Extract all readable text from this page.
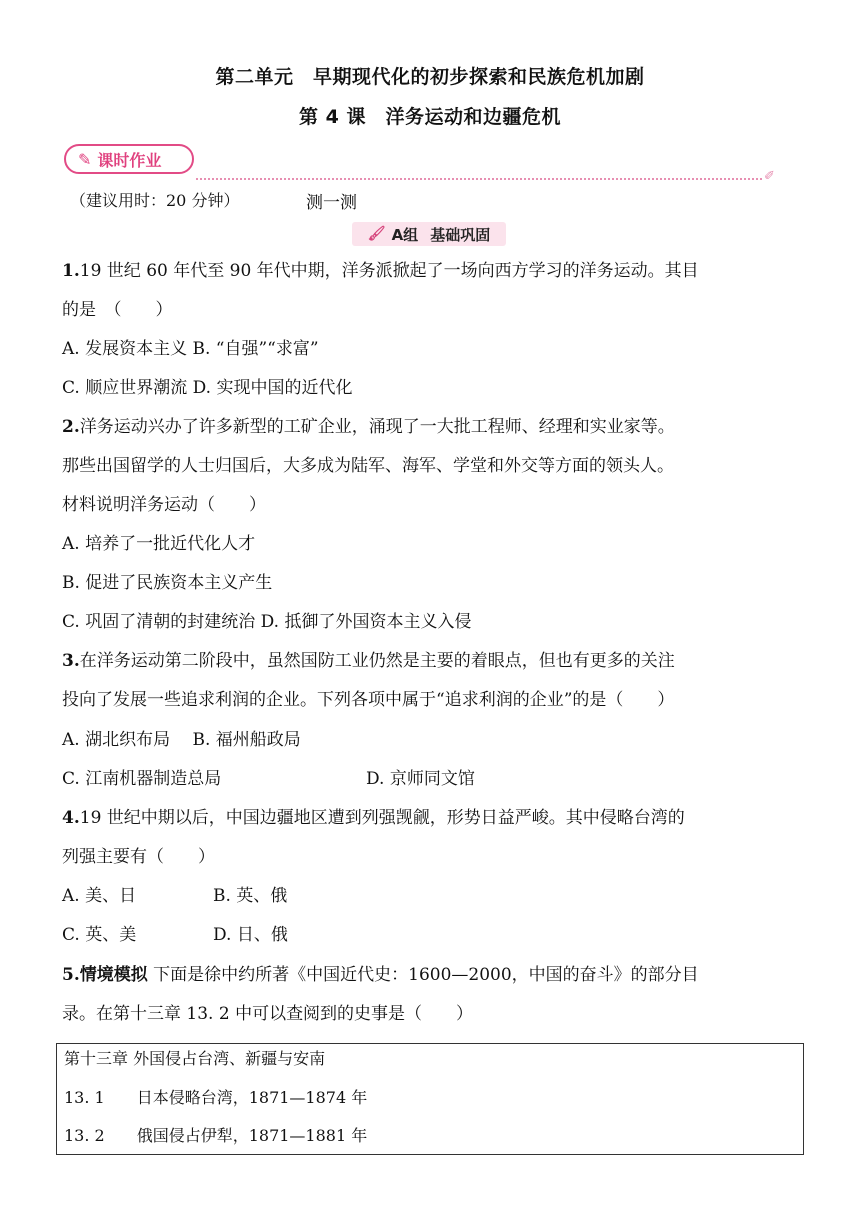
第二单元　早期现代化的初步探索和民族危机加剧
第 4 课　洋务运动和边疆危机
✎ 课时作业
✐
（建议用时：20 分钟）	测一测
🖌 A组 基础巩固
1.19 世纪 60 年代至 90 年代中期，洋务派掀起了一场向西方学习的洋务运动。其目
的是　（　　）
A. 发展资本主义 B. “自强”“求富”
C. 顺应世界潮流 D. 实现中国的近代化
2.洋务运动兴办了许多新型的工矿企业，涌现了一大批工程师、经理和实业家等。
那些出国留学的人士归国后，大多成为陆军、海军、学堂和外交等方面的领头人。
材料说明洋务运动（　　）
A. 培养了一批近代化人才
B. 促进了民族资本主义产生
C. 巩固了清朝的封建统治 D. 抵御了外国资本主义入侵
3.在洋务运动第二阶段中，虽然国防工业仍然是主要的着眼点，但也有更多的关注
投向了发展一些追求利润的企业。下列各项中属于“追求利润的企业”的是（　　）
A. 湖北织布局　 B. 福州船政局
C. 江南机器制造总局	D. 京师同文馆
4.19 世纪中期以后，中国边疆地区遭到列强觊觎，形势日益严峻。其中侵略台湾的
列强主要有（　　）
A. 美、日	B. 英、俄
C. 英、美	D. 日、俄
5.情境模拟 下面是徐中约所著《中国近代史：1600—2000，中国的奋斗》的部分目
录。在第十三章 13. 2 中可以查阅到的史事是（　　）
第十三章 外国侵占台湾、新疆与安南
13. 1　　日本侵略台湾，1871—1874 年
13. 2　　俄国侵占伊犁，1871—1881 年
